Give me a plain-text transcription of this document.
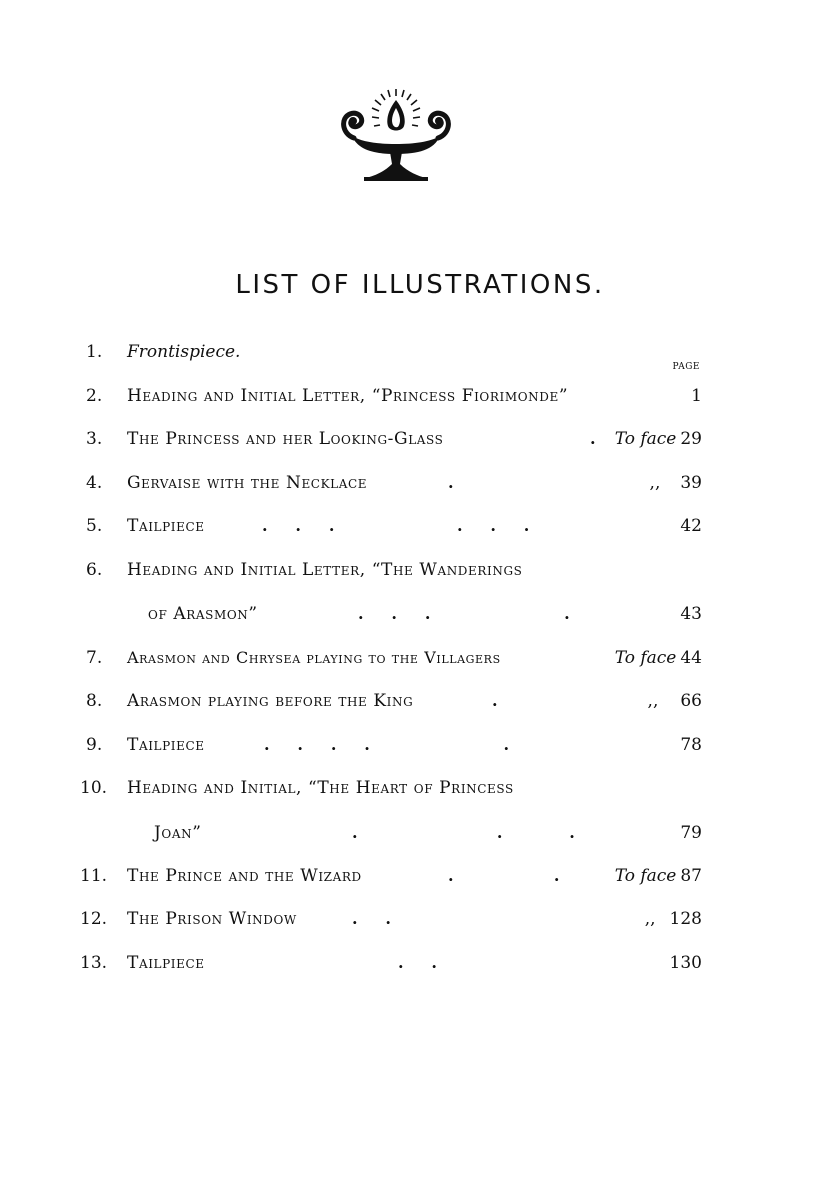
LIST OF ILLUSTRATIONS.
PAGE
1.	Frontispiece.
2.	Heading and Initial Letter, “Princess Fiorimonde”	1
3.	The Princess and her Looking-Glass	. To face 29
4.	Gervaise with the Necklace	.	,, 39
5.	Tailpiece	.     .     .                      .     .     .	42
6.	Heading and Initial Letter, “The Wanderings
of Arasmon”	.     .     .                        .	43
7.	Arasmon and Chrysea playing to the Villagers	To face 44
8.	Arasmon playing before the King	.	,, 66
9.	Tailpiece	.     .     .     .                        .	78
10.	Heading and Initial, “The Heart of Princess
Joan”	.                         .            .	79
11.	The Prince and the Wizard	.                  .	To face 87
12.	The Prison Window	.     .	,, 128
13.	Tailpiece	.     .	130
